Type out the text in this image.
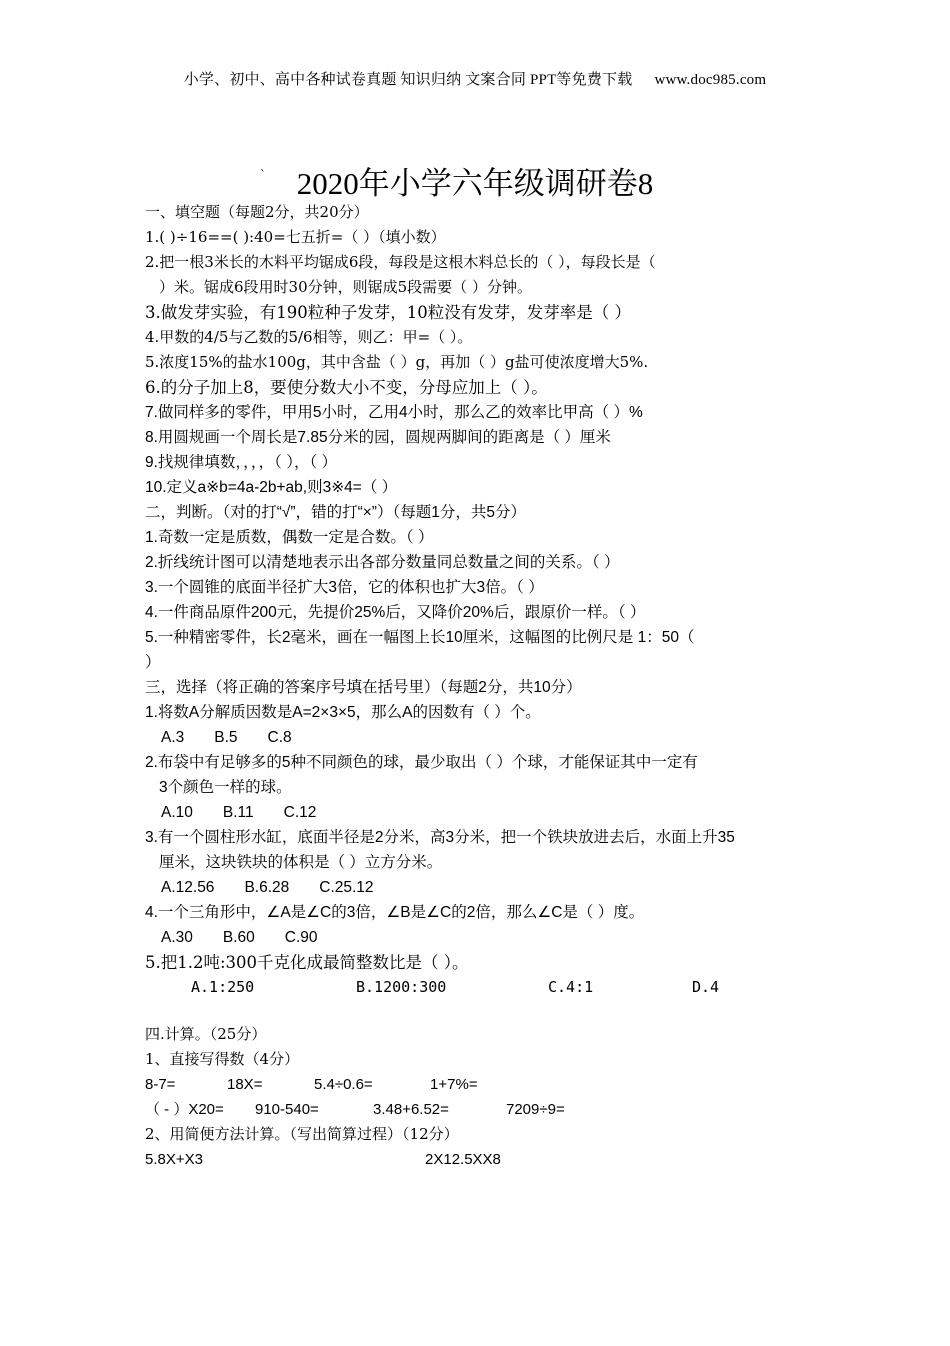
小学、初中、高中各种试卷真题 知识归纳 文案合同 PPT等免费下载 www.doc985.com
` 2020年小学六年级调研卷8
一、填空题（每题2分，共20分）
1.( )÷16==( ):40=七五折=（ ）（填小数）
2.把一根3米长的木料平均锯成6段，每段是这根木料总长的（ ），每段长是（
）米。锯成6段用时30分钟，则锯成5段需要（ ）分钟。
3.做发芽实验，有190粒种子发芽，10粒没有发芽，发芽率是（ ）
4.甲数的4/5与乙数的5/6相等，则乙：甲=（ ）。
5.浓度15%的盐水100g，其中含盐（ ）g，再加（ ）g盐可使浓度增大5%.
6.的分子加上8，要使分数大小不变，分母应加上（ ）。
7.做同样多的零件，甲用5小时，乙用4小时，那么乙的效率比甲高（ ）%
8.用圆规画一个周长是7.85分米的园，圆规两脚间的距离是（ ）厘米
9.找规律填数，，，，（ ），（ ）
10.定义a※b=4a-2b+ab,则3※4=（ ）
二，判断。（对的打“√”，错的打“×”）（每题1分，共5分）
1.奇数一定是质数，偶数一定是合数。（ ）
2.折线统计图可以清楚地表示出各部分数量同总数量之间的关系。（ ）
3.一个圆锥的底面半径扩大3倍，它的体积也扩大3倍。（ ）
4.一件商品原件200元，先提价25%后，又降价20%后，跟原价一样。（ ）
5.一种精密零件，长2毫米，画在一幅图上长10厘米，这幅图的比例尺是 1：50（
）
三，选择（将正确的答案序号填在括号里）（每题2分，共10分）
1.将数A分解质因数是A=2×3×5，那么A的因数有（ ）个。
A.3 B.5 C.8
2.布袋中有足够多的5种不同颜色的球，最少取出（ ）个球，才能保证其中一定有
3个颜色一样的球。
A.10 B.11 C.12
3.有一个圆柱形水缸，底面半径是2分米，高3分米，把一个铁块放进去后，水面上升35
厘米，这块铁块的体积是（ ）立方分米。
A.12.56 B.6.28 C.25.12
4.一个三角形中，∠A是∠C的3倍，∠B是∠C的2倍，那么∠C是（ ）度。
A.30 B.60 C.90
5.把1.2吨:300千克化成最简整数比是（ ）。
A.1:250	B.1200:300	C.4:1	D.4
四.计算。（25分）
1、直接写得数（4分）
8-7=	18X=	5.4÷0.6=	1+7%=
（ - ）X20= 910-540=	3.48+6.52=	7209÷9=
2、用简便方法计算。（写出简算过程）（12分）
5.8X+X3	2X12.5XX8
